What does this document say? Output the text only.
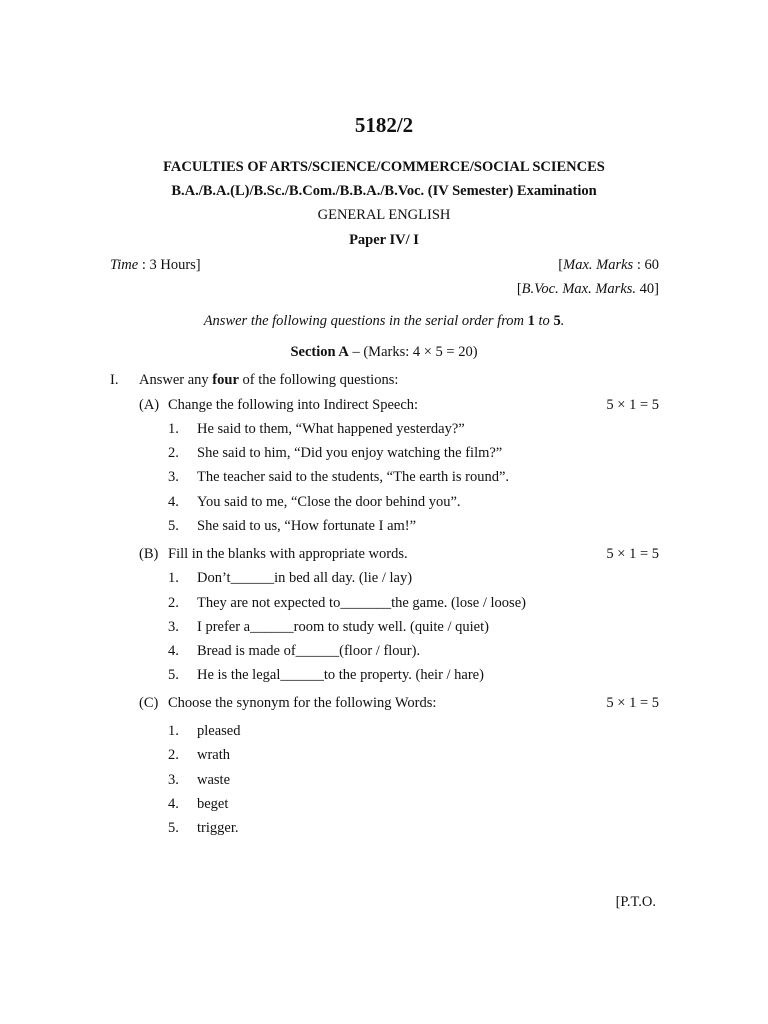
5182/2
FACULTIES OF ARTS/SCIENCE/COMMERCE/SOCIAL SCIENCES
B.A./B.A.(L)/B.Sc./B.Com./B.B.A./B.Voc. (IV Semester) Examination
GENERAL ENGLISH
Paper IV/ I
Time : 3 Hours]	[Max. Marks : 60
[B.Voc. Max. Marks. 40]
Answer the following questions in the serial order from 1 to 5.
Section A – (Marks: 4 × 5 = 20)
I. Answer any four of the following questions:
(A) Change the following into Indirect Speech:	5 × 1 = 5
1. He said to them, “What happened yesterday?”
2. She said to him, “Did you enjoy watching the film?”
3. The teacher said to the students, “The earth is round”.
4. You said to me, “Close the door behind you”.
5. She said to us, “How fortunate I am!”
(B) Fill in the blanks with appropriate words.	5 × 1 = 5
1. Don’t______in bed all day. (lie / lay)
2. They are not expected to_______the game. (lose / loose)
3. I prefer a______room to study well. (quite / quiet)
4. Bread is made of______(floor / flour).
5. He is the legal______to the property. (heir / hare)
(C) Choose the synonym for the following Words:	5 × 1 = 5
1. pleased
2. wrath
3. waste
4. beget
5. trigger.
[P.T.O.
